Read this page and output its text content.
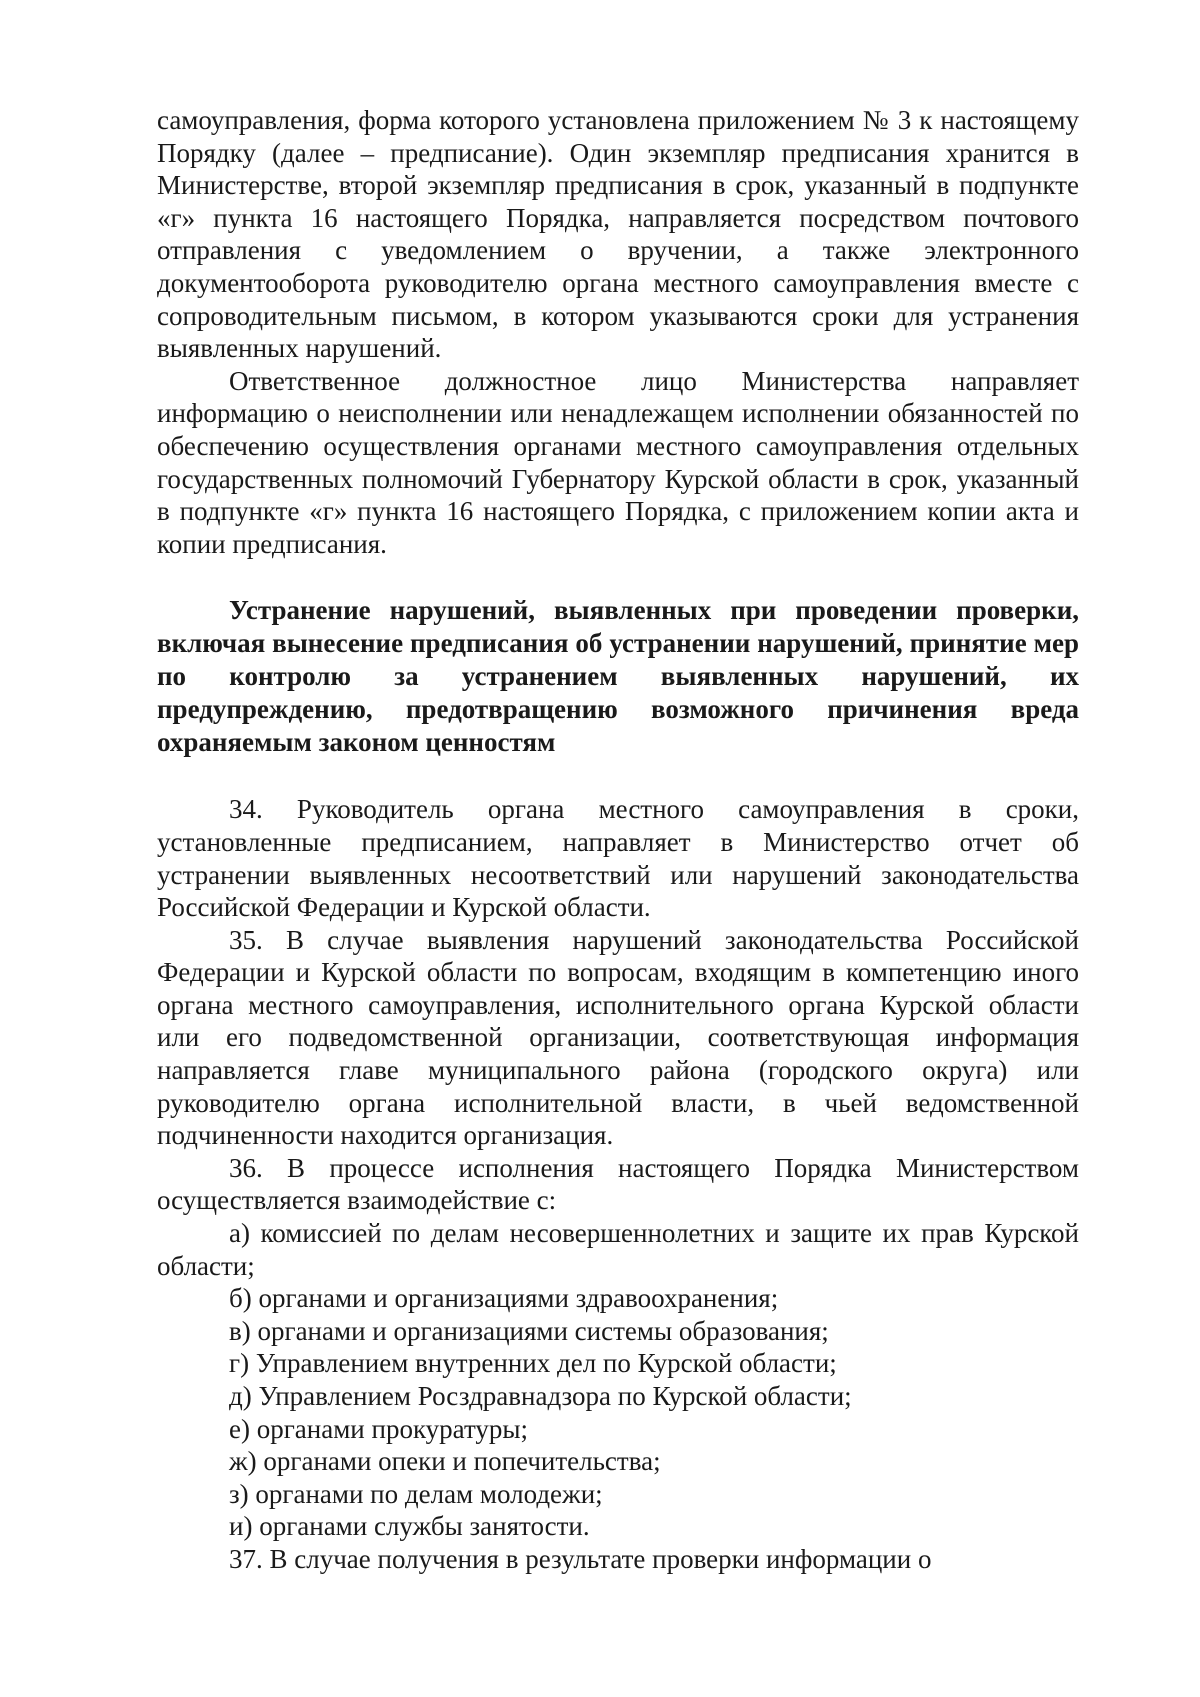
самоуправления, форма которого установлена приложением № 3 к настоящему Порядку (далее – предписание). Один экземпляр предписания хранится в Министерстве, второй экземпляр предписания в срок, указанный в подпункте «г» пункта 16 настоящего Порядка, направляется посредством почтового отправления с уведомлением о вручении, а также электронного документооборота руководителю органа местного самоуправления вместе с сопроводительным письмом, в котором указываются сроки для устранения выявленных нарушений.

Ответственное должностное лицо Министерства направляет информацию о неисполнении или ненадлежащем исполнении обязанностей по обеспечению осуществления органами местного самоуправления отдельных государственных полномочий Губернатору Курской области в срок, указанный в подпункте «г» пункта 16 настоящего Порядка, с приложением копии акта и копии предписания.

Устранение нарушений, выявленных при проведении проверки, включая вынесение предписания об устранении нарушений, принятие мер по контролю за устранением выявленных нарушений, их предупреждению, предотвращению возможного причинения вреда охраняемым законом ценностям

34. Руководитель органа местного самоуправления в сроки, установленные предписанием, направляет в Министерство отчет об устранении выявленных несоответствий или нарушений законодательства Российской Федерации и Курской области.

35. В случае выявления нарушений законодательства Российской Федерации и Курской области по вопросам, входящим в компетенцию иного органа местного самоуправления, исполнительного органа Курской области или его подведомственной организации, соответствующая информация направляется главе муниципального района (городского округа) или руководителю органа исполнительной власти, в чьей ведомственной подчиненности находится организация.

36. В процессе исполнения настоящего Порядка Министерством осуществляется взаимодействие с:

а) комиссией по делам несовершеннолетних и защите их прав Курской области;

б) органами и организациями здравоохранения;

в) органами и организациями системы образования;

г) Управлением внутренних дел по Курской области;

д) Управлением Росздравнадзора по Курской области;

е) органами прокуратуры;

ж) органами опеки и попечительства;

з) органами по делам молодежи;

и) органами службы занятости.

37. В случае получения в результате проверки информации о
